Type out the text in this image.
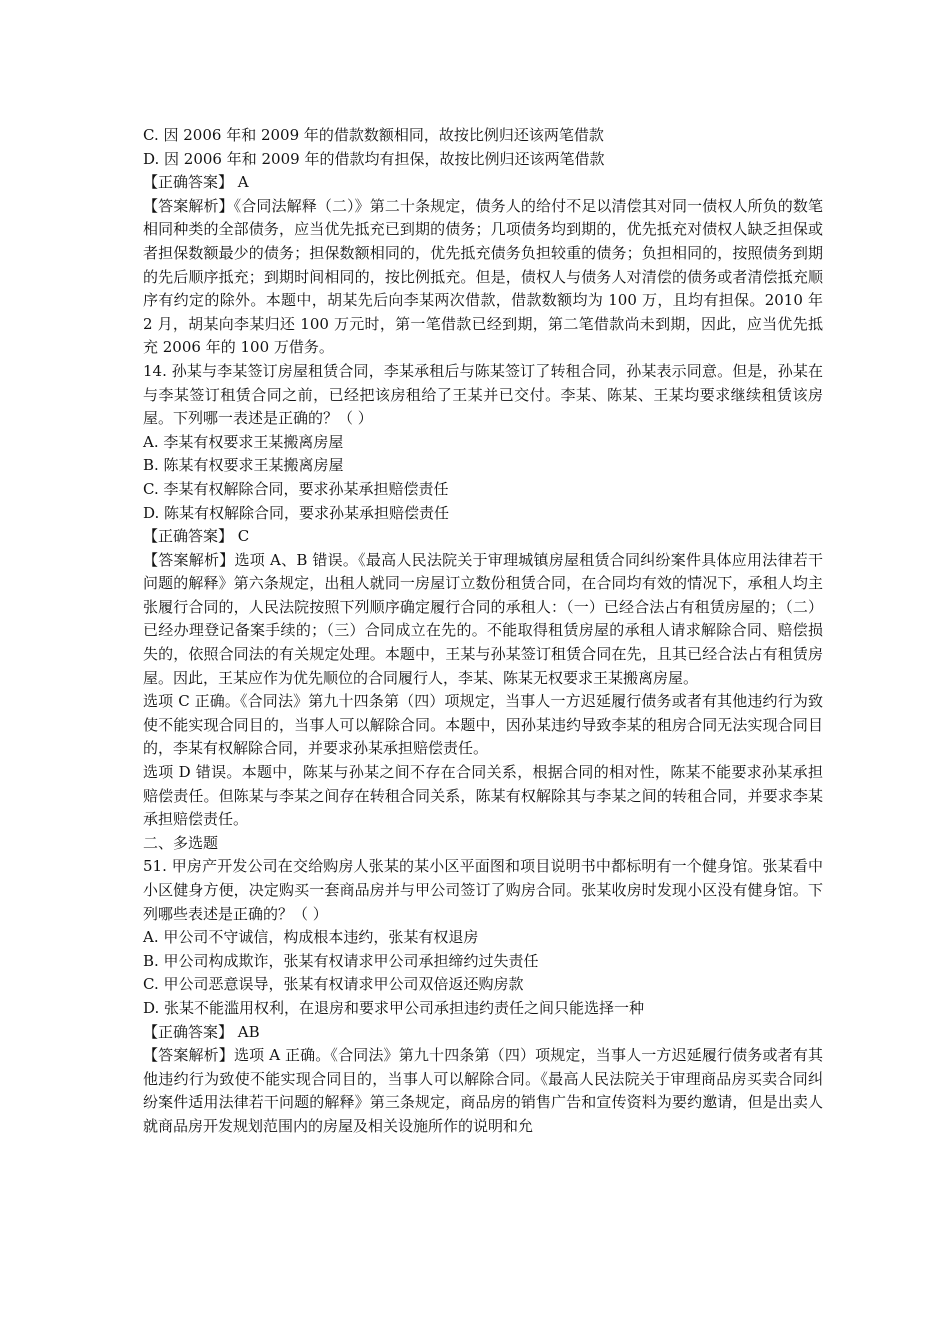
C. 因 2006 年和 2009 年的借款数额相同，故按比例归还该两笔借款

D. 因 2006 年和 2009 年的借款均有担保，故按比例归还该两笔借款

【正确答案】 A

【答案解析】《合同法解释（二）》第二十条规定，债务人的给付不足以清偿其对同一债权人所负的数笔相同种类的全部债务，应当优先抵充已到期的债务；几项债务均到期的，优先抵充对债权人缺乏担保或者担保数额最少的债务；担保数额相同的，优先抵充债务负担较重的债务；负担相同的，按照债务到期的先后顺序抵充；到期时间相同的，按比例抵充。但是，债权人与债务人对清偿的债务或者清偿抵充顺序有约定的除外。本题中，胡某先后向李某两次借款，借款数额均为 100 万，且均有担保。2010 年 2 月，胡某向李某归还 100 万元时，第一笔借款已经到期，第二笔借款尚未到期，因此，应当优先抵充 2006 年的 100 万借务。

14. 孙某与李某签订房屋租赁合同，李某承租后与陈某签订了转租合同，孙某表示同意。但是，孙某在与李某签订租赁合同之前，已经把该房租给了王某并已交付。李某、陈某、王某均要求继续租赁该房屋。下列哪一表述是正确的？（ ）

A. 李某有权要求王某搬离房屋

B. 陈某有权要求王某搬离房屋

C. 李某有权解除合同，要求孙某承担赔偿责任

D. 陈某有权解除合同，要求孙某承担赔偿责任

【正确答案】 C

【答案解析】选项 A、B 错误。《最高人民法院关于审理城镇房屋租赁合同纠纷案件具体应用法律若干问题的解释》第六条规定，出租人就同一房屋订立数份租赁合同，在合同均有效的情况下，承租人均主张履行合同的，人民法院按照下列顺序确定履行合同的承租人：（一）已经合法占有租赁房屋的；（二）已经办理登记备案手续的；（三）合同成立在先的。不能取得租赁房屋的承租人请求解除合同、赔偿损失的，依照合同法的有关规定处理。本题中，王某与孙某签订租赁合同在先，且其已经合法占有租赁房屋。因此，王某应作为优先顺位的合同履行人，李某、陈某无权要求王某搬离房屋。

选项 C 正确。《合同法》第九十四条第（四）项规定，当事人一方迟延履行债务或者有其他违约行为致使不能实现合同目的，当事人可以解除合同。本题中，因孙某违约导致李某的租房合同无法实现合同目的，李某有权解除合同，并要求孙某承担赔偿责任。

选项 D 错误。本题中，陈某与孙某之间不存在合同关系，根据合同的相对性，陈某不能要求孙某承担赔偿责任。但陈某与李某之间存在转租合同关系，陈某有权解除其与李某之间的转租合同，并要求李某承担赔偿责任。

二、多选题

51. 甲房产开发公司在交给购房人张某的某小区平面图和项目说明书中都标明有一个健身馆。张某看中小区健身方便，决定购买一套商品房并与甲公司签订了购房合同。张某收房时发现小区没有健身馆。下列哪些表述是正确的？（ ）

A. 甲公司不守诚信，构成根本违约，张某有权退房

B. 甲公司构成欺诈，张某有权请求甲公司承担缔约过失责任

C. 甲公司恶意误导，张某有权请求甲公司双倍返还购房款

D. 张某不能滥用权利，在退房和要求甲公司承担违约责任之间只能选择一种

【正确答案】 AB

【答案解析】选项 A 正确。《合同法》第九十四条第（四）项规定，当事人一方迟延履行债务或者有其他违约行为致使不能实现合同目的，当事人可以解除合同。《最高人民法院关于审理商品房买卖合同纠纷案件适用法律若干问题的解释》第三条规定，商品房的销售广告和宣传资料为要约邀请，但是出卖人就商品房开发规划范围内的房屋及相关设施所作的说明和允
